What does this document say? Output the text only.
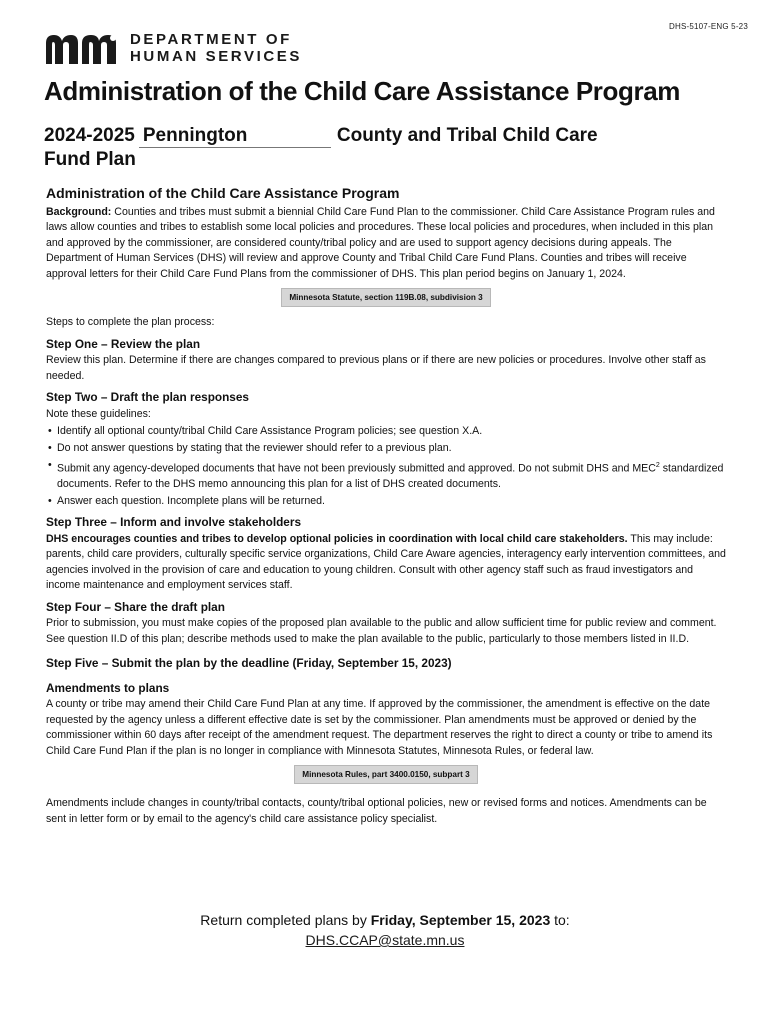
DHS-5107-ENG 5-23
DEPARTMENT OF
HUMAN SERVICES
Administration of the Child Care Assistance Program
2024-2025 Pennington	County and Tribal Child Care
Fund Plan
Administration of the Child Care Assistance Program

Background: Counties and tribes must submit a biennial Child Care Fund Plan to the commissioner. Child Care Assistance Program rules and laws allow counties and tribes to establish some local policies and procedures. These local policies and procedures, when included in this plan and approved by the commissioner, are considered county/tribal policy and are used to support agency decisions during appeals. The Department of Human Services (DHS) will review and approve County and Tribal Child Care Fund Plans. Counties and tribes will receive approval letters for their Child Care Fund Plans from the commissioner of DHS. This plan period begins on January 1, 2024.

Minnesota Statute, section 119B.08, subdivision 3

Steps to complete the plan process:

Step One – Review the plan

Review this plan. Determine if there are changes compared to previous plans or if there are new policies or procedures. Involve other staff as needed.

Step Two – Draft the plan responses

Note these guidelines:

• Identify all optional county/tribal Child Care Assistance Program policies; see question X.A.
• Do not answer questions by stating that the reviewer should refer to a previous plan.
• Submit any agency-developed documents that have not been previously submitted and approved. Do not submit DHS and MEC$^2$ standardized documents. Refer to the DHS memo announcing this plan for a list of DHS created documents.
• Answer each question. Incomplete plans will be returned.
Step Three – Inform and involve stakeholders

DHS encourages counties and tribes to develop optional policies in coordination with local child care stakeholders. This may include: parents, child care providers, culturally specific service organizations, Child Care Aware agencies, interagency early intervention committees, and agencies involved in the provision of care and education to young children. Consult with other agency staff such as fraud investigators and income maintenance and employment services staff.

Step Four – Share the draft plan

Prior to submission, you must make copies of the proposed plan available to the public and allow sufficient time for public review and comment. See question II.D of this plan; describe methods used to make the plan available to the public, particularly to those members listed in II.D.

Step Five – Submit the plan by the deadline (Friday, September 15, 2023)
Amendments to plans

A county or tribe may amend their Child Care Fund Plan at any time. If approved by the commissioner, the amendment is effective on the date requested by the agency unless a different effective date is set by the commissioner. Plan amendments must be approved or denied by the commissioner within 60 days after receipt of the amendment request. The department reserves the right to direct a county or tribe to amend its Child Care Fund Plan if the plan is no longer in compliance with Minnesota Statutes, Minnesota Rules, or federal law.

Minnesota Rules, part 3400.0150, subpart 3

Amendments include changes in county/tribal contacts, county/tribal optional policies, new or revised forms and notices. Amendments can be sent in letter form or by email to the agency's child care assistance policy specialist.

Return completed plans by Friday, September 15, 2023 to:
DHS.CCAP@state.mn.us
